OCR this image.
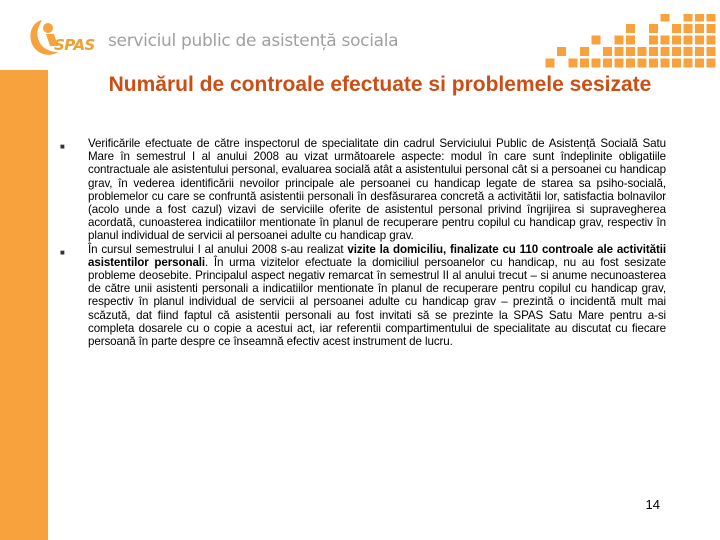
SPAS serviciul public de asistență sociala
Numărul de controale efectuate si problemele sesizate
■	Verificările efectuate de către inspectorul de specialitate din cadrul Serviciului Public de Asistență Socială Satu Mare în semestrul I al anului 2008 au vizat următoarele aspecte: modul în care sunt îndeplinite obligatiile contractuale ale asistentului personal, evaluarea socială atât a asistentului personal cât si a persoanei cu handicap grav, în vederea identificării nevoilor principale ale persoanei cu handicap legate de starea sa psiho-socială, problemelor cu care se confruntă asistentii personali în desfăsurarea concretă a activitătii lor, satisfactia bolnavilor (acolo unde a fost cazul) vizavi de serviciile oferite de asistentul personal privind îngrijirea si supravegherea acordată, cunoasterea indicatiilor mentionate în planul de recuperare pentru copilul cu handicap grav, respectiv în planul individual de servicii al persoanei adulte cu handicap grav.
■	În cursul semestrului I al anului 2008 s-au realizat vizite la domiciliu, finalizate cu 110 controale ale activitătii asistentilor personali. În urma vizitelor efectuate la domiciliul persoanelor cu handicap, nu au fost sesizate probleme deosebite. Principalul aspect negativ remarcat în semestrul II al anului trecut – si anume necunoasterea de către unii asistenti personali a indicatiilor mentionate în planul de recuperare pentru copilul cu handicap grav, respectiv în planul individual de servicii al persoanei adulte cu handicap grav – prezintă o incidentă mult mai scăzută, dat fiind faptul că asistentii personali au fost invitati să se prezinte la SPAS Satu Mare pentru a-si completa dosarele cu o copie a acestui act, iar referentii compartimentului de specialitate au discutat cu fiecare persoană în parte despre ce înseamnă efectiv acest instrument de lucru.
14
